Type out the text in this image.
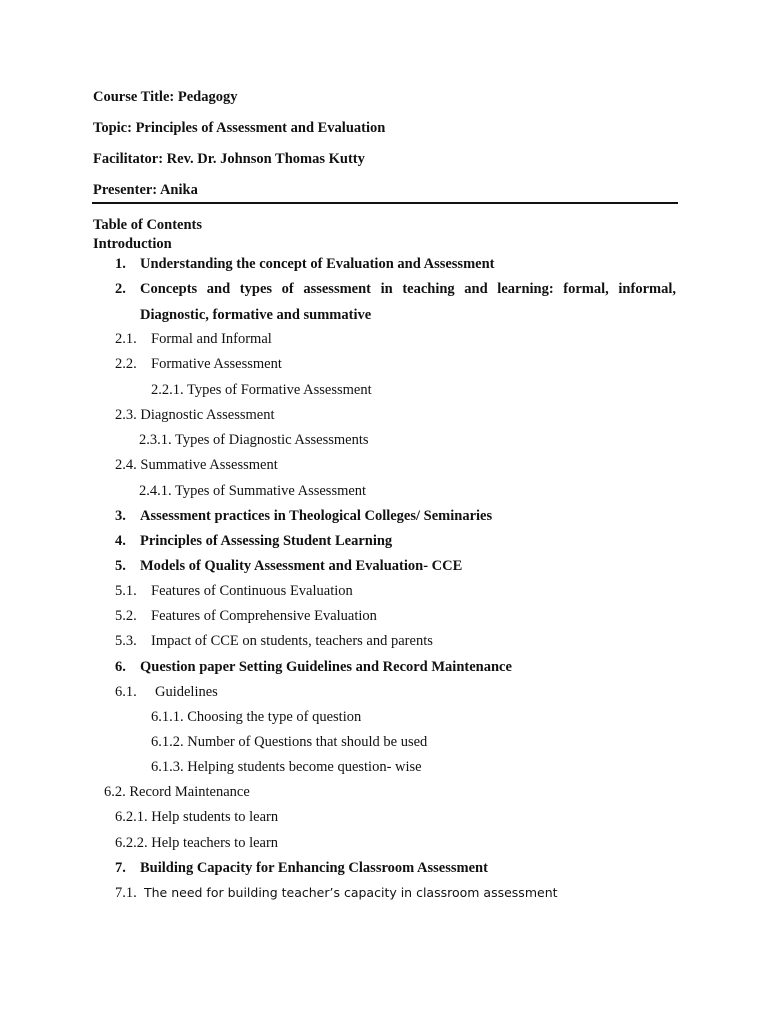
Course Title: Pedagogy
Topic: Principles of Assessment and Evaluation
Facilitator: Rev. Dr. Johnson Thomas Kutty
Presenter: Anika
Table of Contents
Introduction
1. Understanding the concept of Evaluation and Assessment
2. Concepts and types of assessment in teaching and learning: formal, informal,
Diagnostic, formative and summative
2.1. Formal and Informal
2.2. Formative Assessment
2.2.1. Types of Formative Assessment
2.3. Diagnostic Assessment
2.3.1. Types of Diagnostic Assessments
2.4. Summative Assessment
2.4.1. Types of Summative Assessment
3. Assessment practices in Theological Colleges/ Seminaries
4. Principles of Assessing Student Learning
5. Models of Quality Assessment and Evaluation- CCE
5.1. Features of Continuous Evaluation
5.2. Features of Comprehensive Evaluation
5.3. Impact of CCE on students, teachers and parents
6. Question paper Setting Guidelines and Record Maintenance
6.1. Guidelines
6.1.1. Choosing the type of question
6.1.2. Number of Questions that should be used
6.1.3. Helping students become question- wise
6.2. Record Maintenance
6.2.1. Help students to learn
6.2.2. Help teachers to learn
7. Building Capacity for Enhancing Classroom Assessment
7.1. The need for building teacher’s capacity in classroom assessment
